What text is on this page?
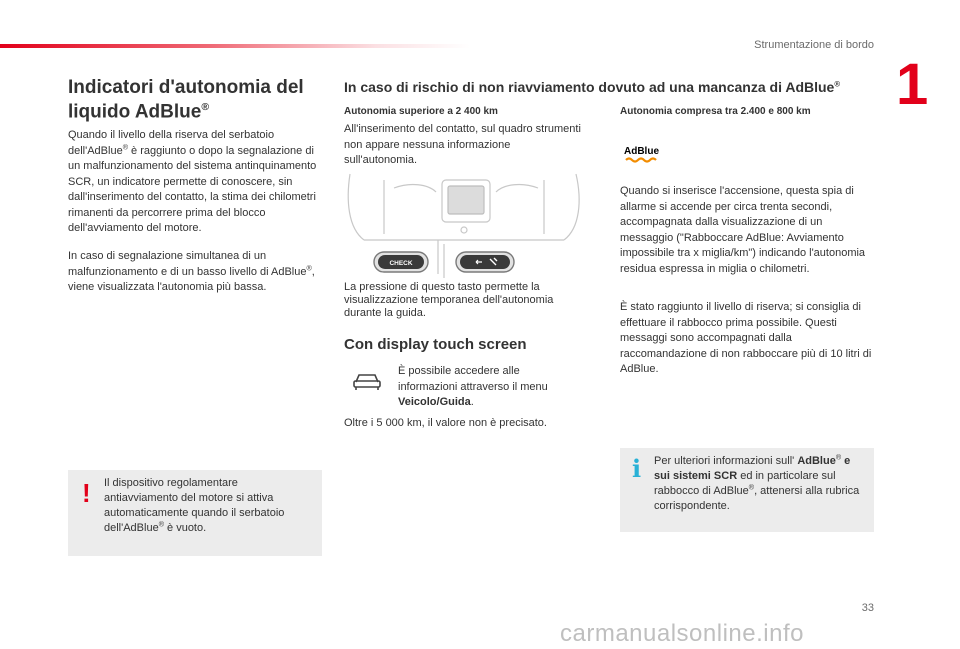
Strumentazione di bordo
1
Indicatori d'autonomia del
liquido AdBlue®

Quando il livello della riserva del serbatoio dell'AdBlue® è raggiunto o dopo la segnalazione di un malfunzionamento del sistema antinquinamento SCR, un indicatore permette di conoscere, sin dall'inserimento del contatto, la stima dei chilometri rimanenti da percorrere prima del blocco dell'avviamento del motore.

In caso di segnalazione simultanea di un malfunzionamento e di un basso livello di AdBlue®, viene visualizzata l'autonomia più bassa.

! Il dispositivo regolamentare antiavviamento del motore si attiva automaticamente quando il serbatoio dell'AdBlue® è vuoto.

In caso di rischio di non riavviamento dovuto ad una mancanza di AdBlue®
Autonomia superiore a 2 400 km

All'inserimento del contatto, sul quadro strumenti non appare nessuna informazione sull'autonomia.

CHECK

La pressione di questo tasto permette la visualizzazione temporanea dell'autonomia durante la guida.

Con display touch screen

È possibile accedere alle informazioni attraverso il menu Veicolo/Guida.

Oltre i 5 000 km, il valore non è precisato.

Autonomia compresa tra 2.400 e 800 km
AdBlue

Quando si inserisce l'accensione, questa spia di allarme si accende per circa trenta secondi, accompagnata dalla visualizzazione di un messaggio ("Rabboccare AdBlue: Avviamento impossibile tra x miglia/km") indicando l'autonomia residua espressa in miglia o chilometri.

È stato raggiunto il livello di riserva; si consiglia di effettuare il rabbocco prima possibile. Questi messaggi sono accompagnati dalla raccomandazione di non rabboccare più di 10 litri di AdBlue.

i Per ulteriori informazioni sull' AdBlue® e sui sistemi SCR ed in particolare sul rabbocco di AdBlue®, attenersi alla rubrica corrispondente.

33
carmanualsonline.info
